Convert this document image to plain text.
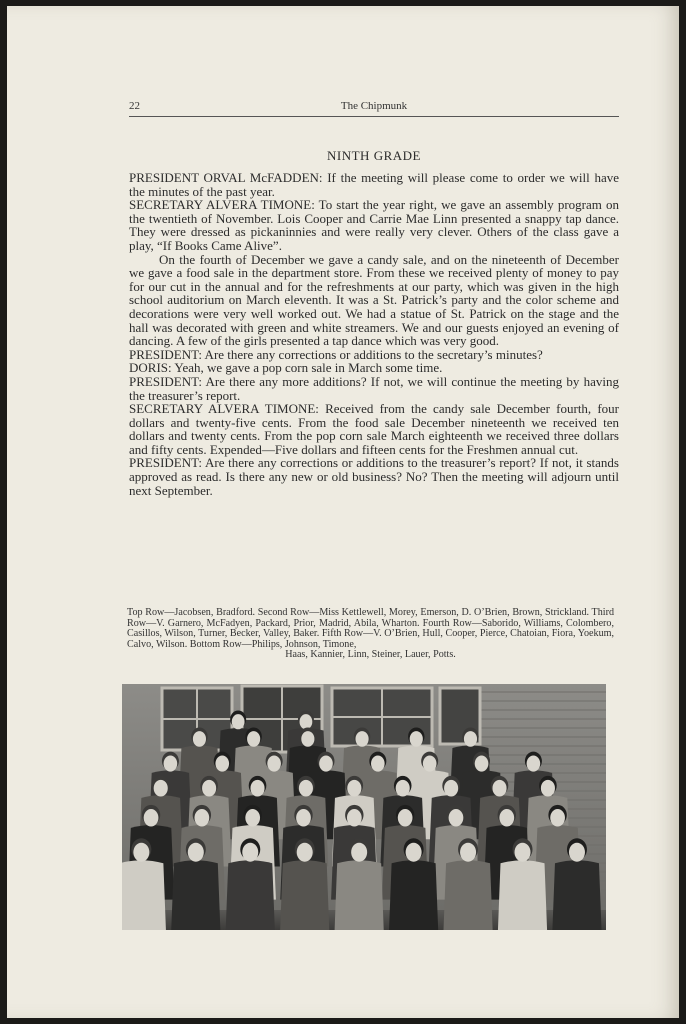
22	The Chipmunk
NINTH GRADE

PRESIDENT ORVAL McFADDEN: If the meeting will please come to order we will have the minutes of the past year.

SECRETARY ALVERA TIMONE: To start the year right, we gave an assembly program on the twentieth of November. Lois Cooper and Carrie Mae Linn presented a snappy tap dance. They were dressed as pickaninnies and were really very clever. Others of the class gave a play, “If Books Came Alive”.

On the fourth of December we gave a candy sale, and on the nineteenth of December we gave a food sale in the department store. From these we received plenty of money to pay for our cut in the annual and for the refreshments at our party, which was given in the high school auditorium on March eleventh. It was a St. Patrick’s party and the color scheme and decorations were very well worked out. We had a statue of St. Patrick on the stage and the hall was decorated with green and white streamers. We and our guests enjoyed an evening of dancing. A few of the girls presented a tap dance which was very good.

PRESIDENT: Are there any corrections or additions to the secretary’s minutes?

DORIS: Yeah, we gave a pop corn sale in March some time.

PRESIDENT: Are there any more additions? If not, we will continue the meeting by having the treasurer’s report.

SECRETARY ALVERA TIMONE: Received from the candy sale December fourth, four dollars and twenty-five cents. From the food sale December nineteenth we received ten dollars and twenty cents. From the pop corn sale March eighteenth we received three dollars and fifty cents. Expended—Five dollars and fifteen cents for the Freshmen annual cut.

PRESIDENT: Are there any corrections or additions to the treasurer’s report? If not, it stands approved as read. Is there any new or old business? No? Then the meeting will adjourn until next September.

Top Row—Jacobsen, Bradford. Second Row—Miss Kettlewell, Morey, Emerson, D. O’Brien, Brown, Strickland. Third Row—V. Garnero, McFadyen, Packard, Prior, Madrid, Abila, Wharton. Fourth Row—Saborido, Williams, Colombero, Casillos, Wilson, Turner, Becker, Valley, Baker. Fifth Row—V. O’Brien, Hull, Cooper, Pierce, Chatoian, Fiora, Yoekum, Calvo, Wilson. Bottom Row—Philips, Johnson, Timone,
Haas, Kannier, Linn, Steiner, Lauer, Potts.
